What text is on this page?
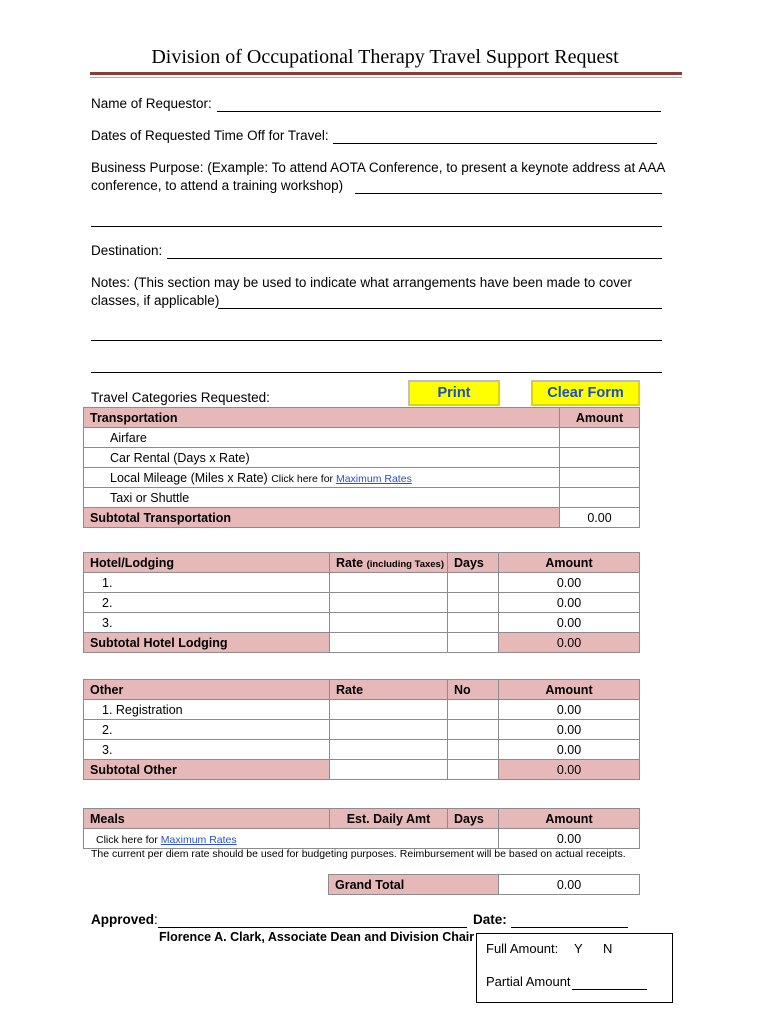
Division of Occupational Therapy Travel Support Request
Name of Requestor:
Dates of Requested Time Off for Travel:
Business Purpose: (Example: To attend AOTA Conference, to present a keynote address at AAA
conference, to attend a training workshop)
Destination:
Notes: (This section may be used to indicate what arrangements have been made to cover
classes, if applicable)
Travel Categories Requested:	Print	Clear Form
Transportation	Amount
Airfare	
Car Rental (Days x Rate)	
Local Mileage (Miles x Rate) Click here for Maximum Rates	
Taxi or Shuttle	
Subtotal Transportation	0.00
Hotel/Lodging	Rate (including Taxes)	Days	Amount
1.			0.00
2.			0.00
3.			0.00
Subtotal Hotel Lodging			0.00
Other	Rate	No	Amount
1. Registration			0.00
2.			0.00
3.			0.00
Subtotal Other			0.00
Meals	Est. Daily Amt	Days	Amount
Click here for Maximum Rates			0.00
The current per diem rate should be used for budgeting purposes. Reimbursement will be based on actual receipts.
Grand Total	0.00
Approved:	Date:
Florence A. Clark, Associate Dean and Division Chair
Full Amount: Y N
Partial Amount
